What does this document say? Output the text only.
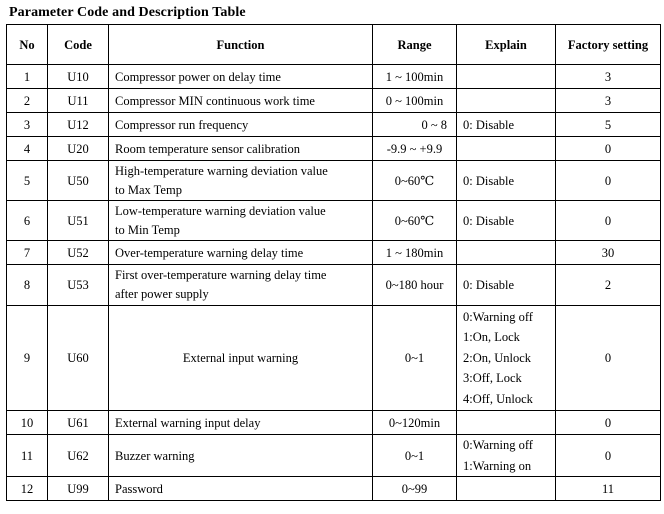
Parameter Code and Description Table
No	Code	Function	Range	Explain	Factory setting
1	U10	Compressor power on delay time	1 ~ 100min		3
2	U11	Compressor MIN continuous work time	0 ~ 100min		3
3	U12	Compressor run frequency	0 ~ 8	0: Disable	5
4	U20	Room temperature sensor calibration	-9.9 ~ +9.9		0
5	U50	High-temperature warning deviation value
to Max Temp	0~60℃	0: Disable	0
6	U51	Low-temperature warning deviation value
to Min Temp	0~60℃	0: Disable	0
7	U52	Over-temperature warning delay time	1 ~ 180min		30
8	U53	First over-temperature warning delay time
after power supply	0~180 hour	0: Disable	2
9	U60	External input warning	0~1	0:Warning off
1:On, Lock
2:On, Unlock
3:Off, Lock
4:Off, Unlock	0
10	U61	External warning input delay	0~120min		0
11	U62	Buzzer warning	0~1	0:Warning off
1:Warning on	0
12	U99	Password	0~99		11
